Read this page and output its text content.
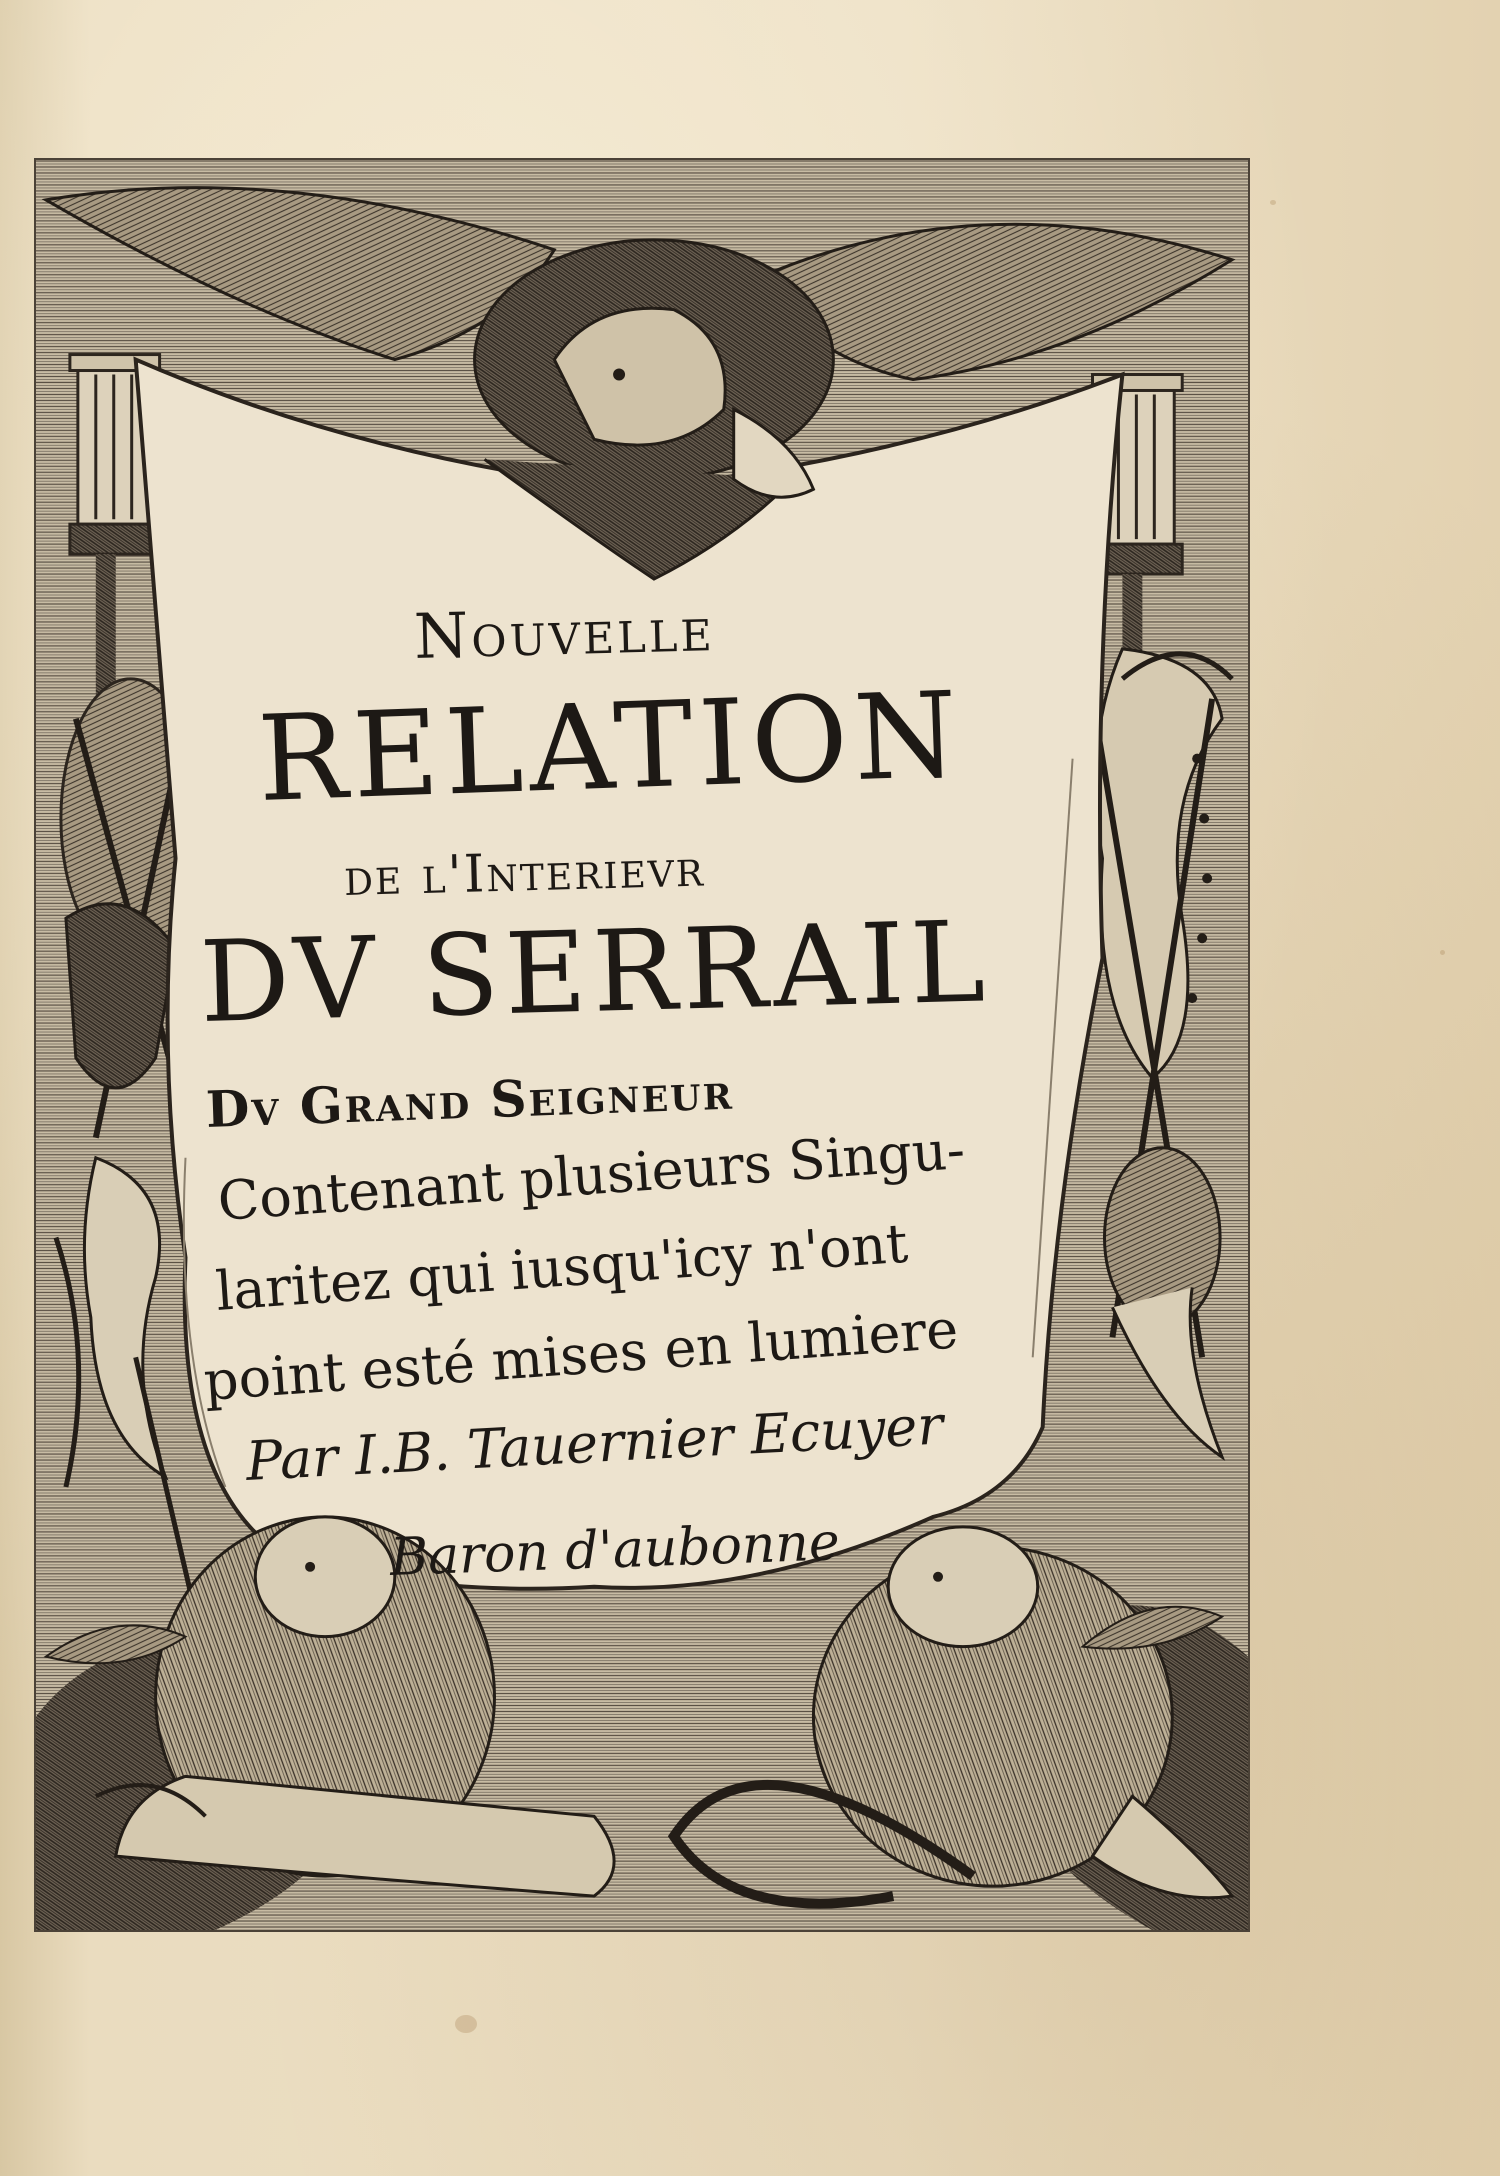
Nouvelle
RELATION
de l'Interievr
DV SERRAIL
Dv Grand Seigneur
Contenant plusieurs Singu-
laritez qui iusqu'icy n'ont
point esté mises en lumiere
Par I.B. Tauernier Ecuyer
Baron d'aubonne
